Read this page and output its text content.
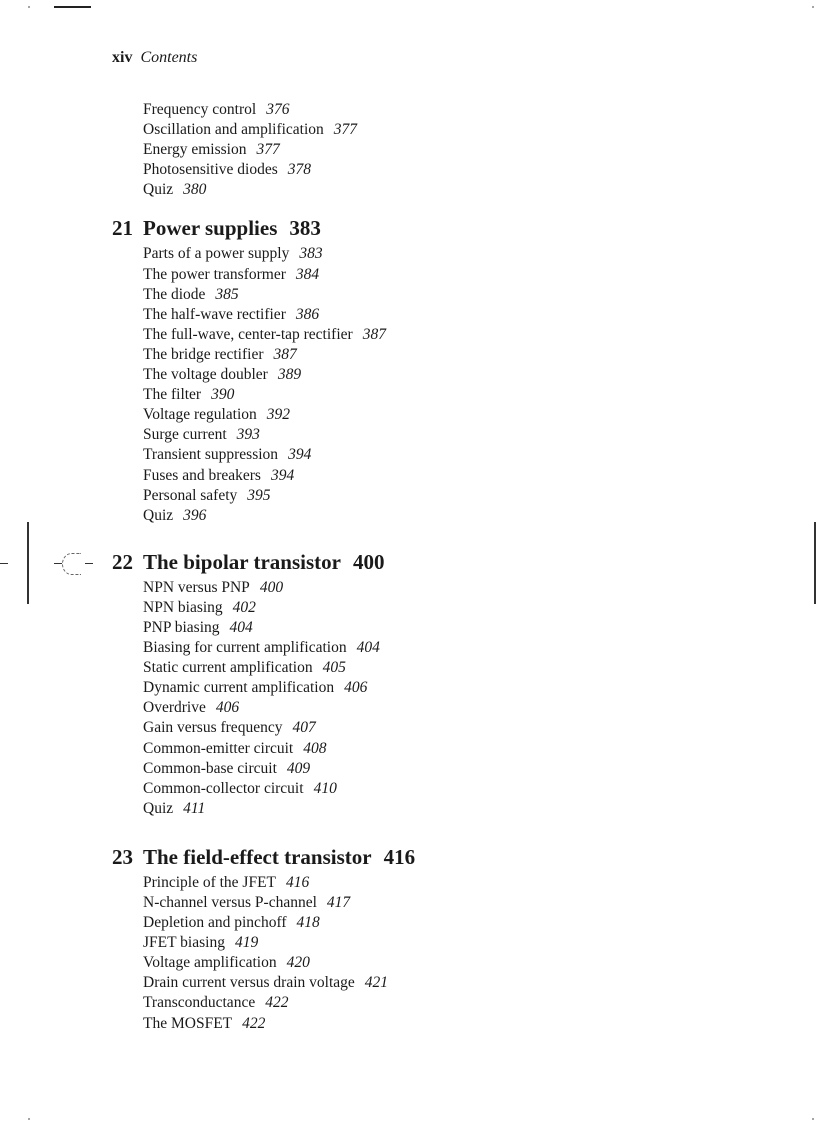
xiv Contents
Frequency control 376
Oscillation and amplification 377
Energy emission 377
Photosensitive diodes 378
Quiz 380
21 Power supplies 383
Parts of a power supply 383
The power transformer 384
The diode 385
The half-wave rectifier 386
The full-wave, center-tap rectifier 387
The bridge rectifier 387
The voltage doubler 389
The filter 390
Voltage regulation 392
Surge current 393
Transient suppression 394
Fuses and breakers 394
Personal safety 395
Quiz 396
22 The bipolar transistor 400
NPN versus PNP 400
NPN biasing 402
PNP biasing 404
Biasing for current amplification 404
Static current amplification 405
Dynamic current amplification 406
Overdrive 406
Gain versus frequency 407
Common-emitter circuit 408
Common-base circuit 409
Common-collector circuit 410
Quiz 411
23 The field-effect transistor 416
Principle of the JFET 416
N-channel versus P-channel 417
Depletion and pinchoff 418
JFET biasing 419
Voltage amplification 420
Drain current versus drain voltage 421
Transconductance 422
The MOSFET 422
